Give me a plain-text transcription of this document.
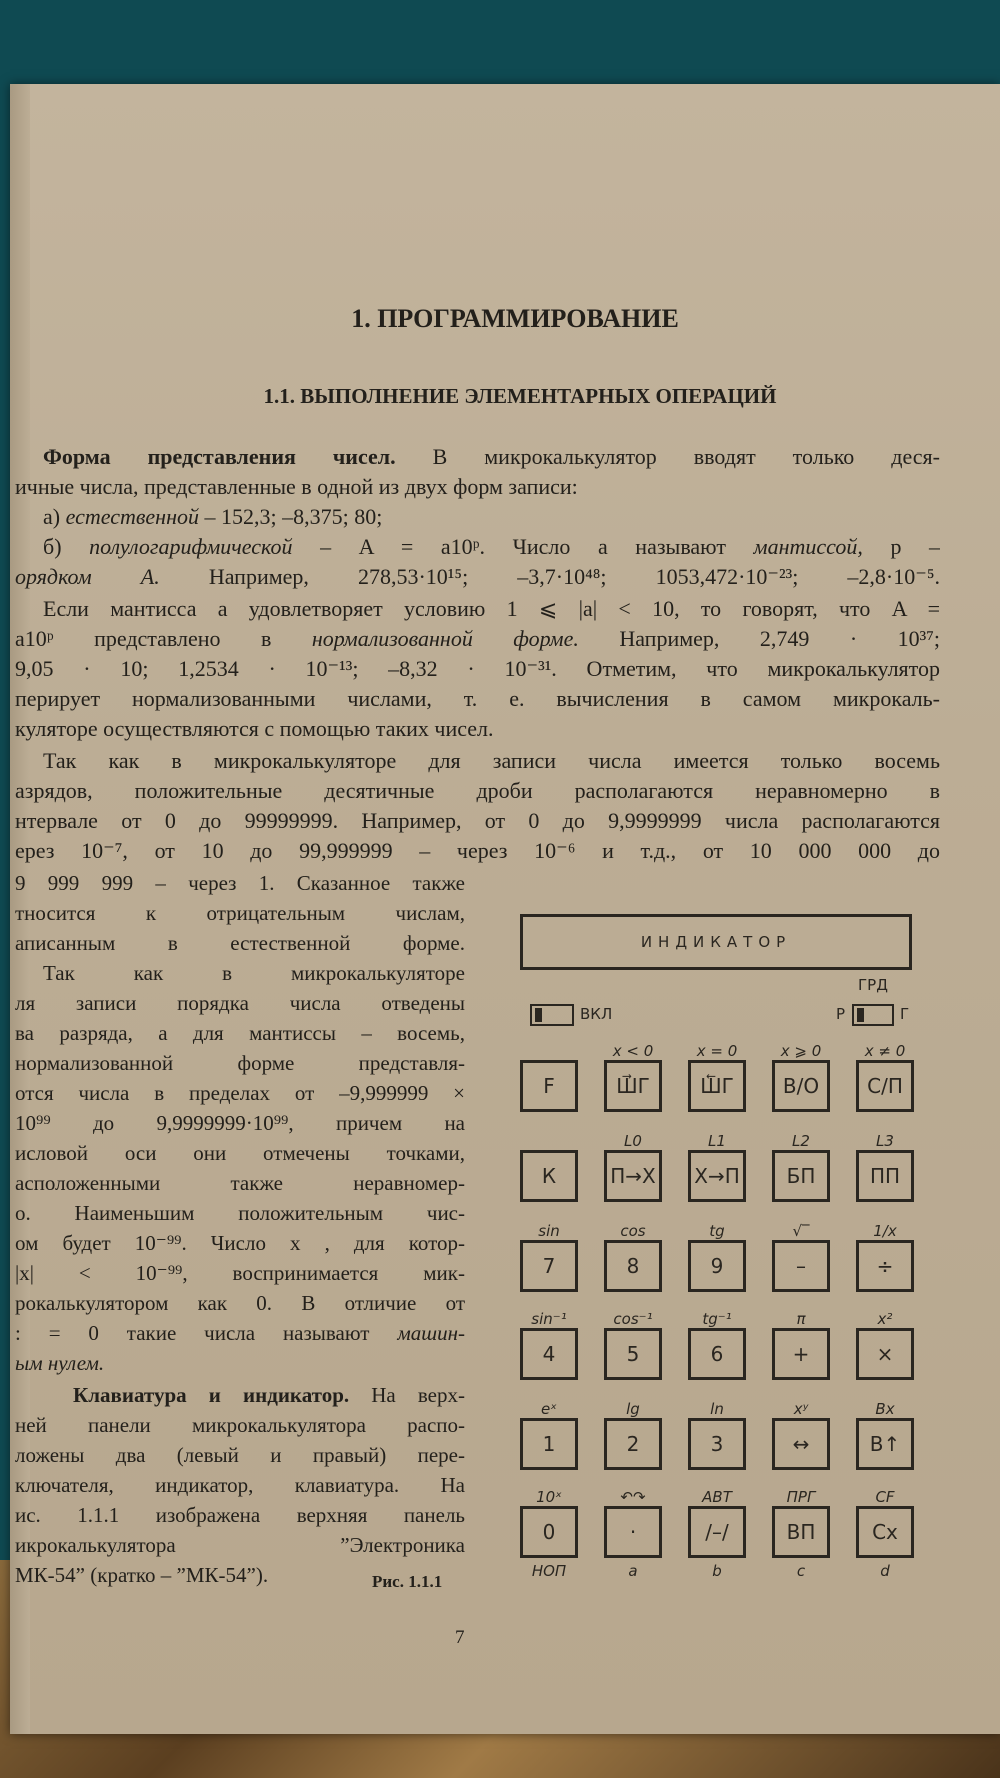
1. ПРОГРАММИРОВАНИЕ
1.1. ВЫПОЛНЕНИЕ ЭЛЕМЕНТАРНЫХ ОПЕРАЦИЙ
Форма представления чисел. В микрокалькулятор вводят только деся-
ичные числа, представленные в одной из двух форм записи:
а) естественной – 152,3; –8,375; 80;
б) полулогарифмической – A = a10ᵖ. Число a называют мантиссой, p –
орядком A. Например, 278,53·10¹⁵; –3,7·10⁴⁸; 1053,472·10⁻²³; –2,8·10⁻⁵.
Если мантисса a удовлетворяет условию 1 ⩽ |a| < 10, то говорят, что A =
a10ᵖ представлено в нормализованной форме. Например, 2,749 · 10³⁷;
9,05 · 10; 1,2534 · 10⁻¹³; –8,32 · 10⁻³¹. Отметим, что микрокалькулятор
перирует нормализованными числами, т. е. вычисления в самом микрокаль-
куляторе осуществляются с помощью таких чисел.
Так как в микрокалькуляторе для записи числа имеется только восемь
азрядов, положительные десятичные дроби располагаются неравномерно в
нтервале от 0 до 99999999. Например, от 0 до 9,9999999 числа располагаются
ерез 10⁻⁷, от 10 до 99,999999 – через 10⁻⁶ и т.д., от 10 000 000 до
9 999 999 – через 1. Сказанное также
тносится к отрицательным числам,
аписанным в естественной форме.
Так как в микрокалькуляторе
ля записи порядка числа отведены
ва разряда, а для мантиссы – восемь,
нормализованной форме представля-
отся числа в пределах от –9,999999 ×
10⁹⁹ до 9,9999999·10⁹⁹, причем на
исловой оси они отмечены точками,
асположенными также неравномер-
о. Наименьшим положительным чис-
ом будет 10⁻⁹⁹. Число x , для котор-
|x| < 10⁻⁹⁹, воспринимается мик-
рокалькулятором как 0. В отличие от
: = 0 такие числа называют машин-
ым нулем.
Клавиатура и индикатор. На верх-
ней панели микрокалькулятора распо-
ложены два (левый и правый) пере-
ключателя, индикатор, клавиатура. На
ис. 1.1.1 изображена верхняя панель
икрокалькулятора ”Электроника
МК-54” (кратко – ”МК-54”).	Рис. 1.1.1
7
ИНДИКАТОР
ВКЛ
ГРД
Р	Г
x < 0	x = 0	x ⩾ 0	x ≠ 0
F	Ш⃗Г	Ш⃖Г	В/О	С/П
L0	L1	L2	L3
К	П→Х	Х→П	БП	ПП
sin	cos	tg	√‾	1/x
7	8	9	–	÷
sin⁻¹	cos⁻¹	tg⁻¹	π	x²
4	5	6	+	×
eˣ	lg	ln	xʸ	Вx
1	2	3	↔	В↑
10ˣ	↶↷	АВТ	ПРГ	CF
0	·	/–/	ВП	Сx
НОП	a	b	c	d
